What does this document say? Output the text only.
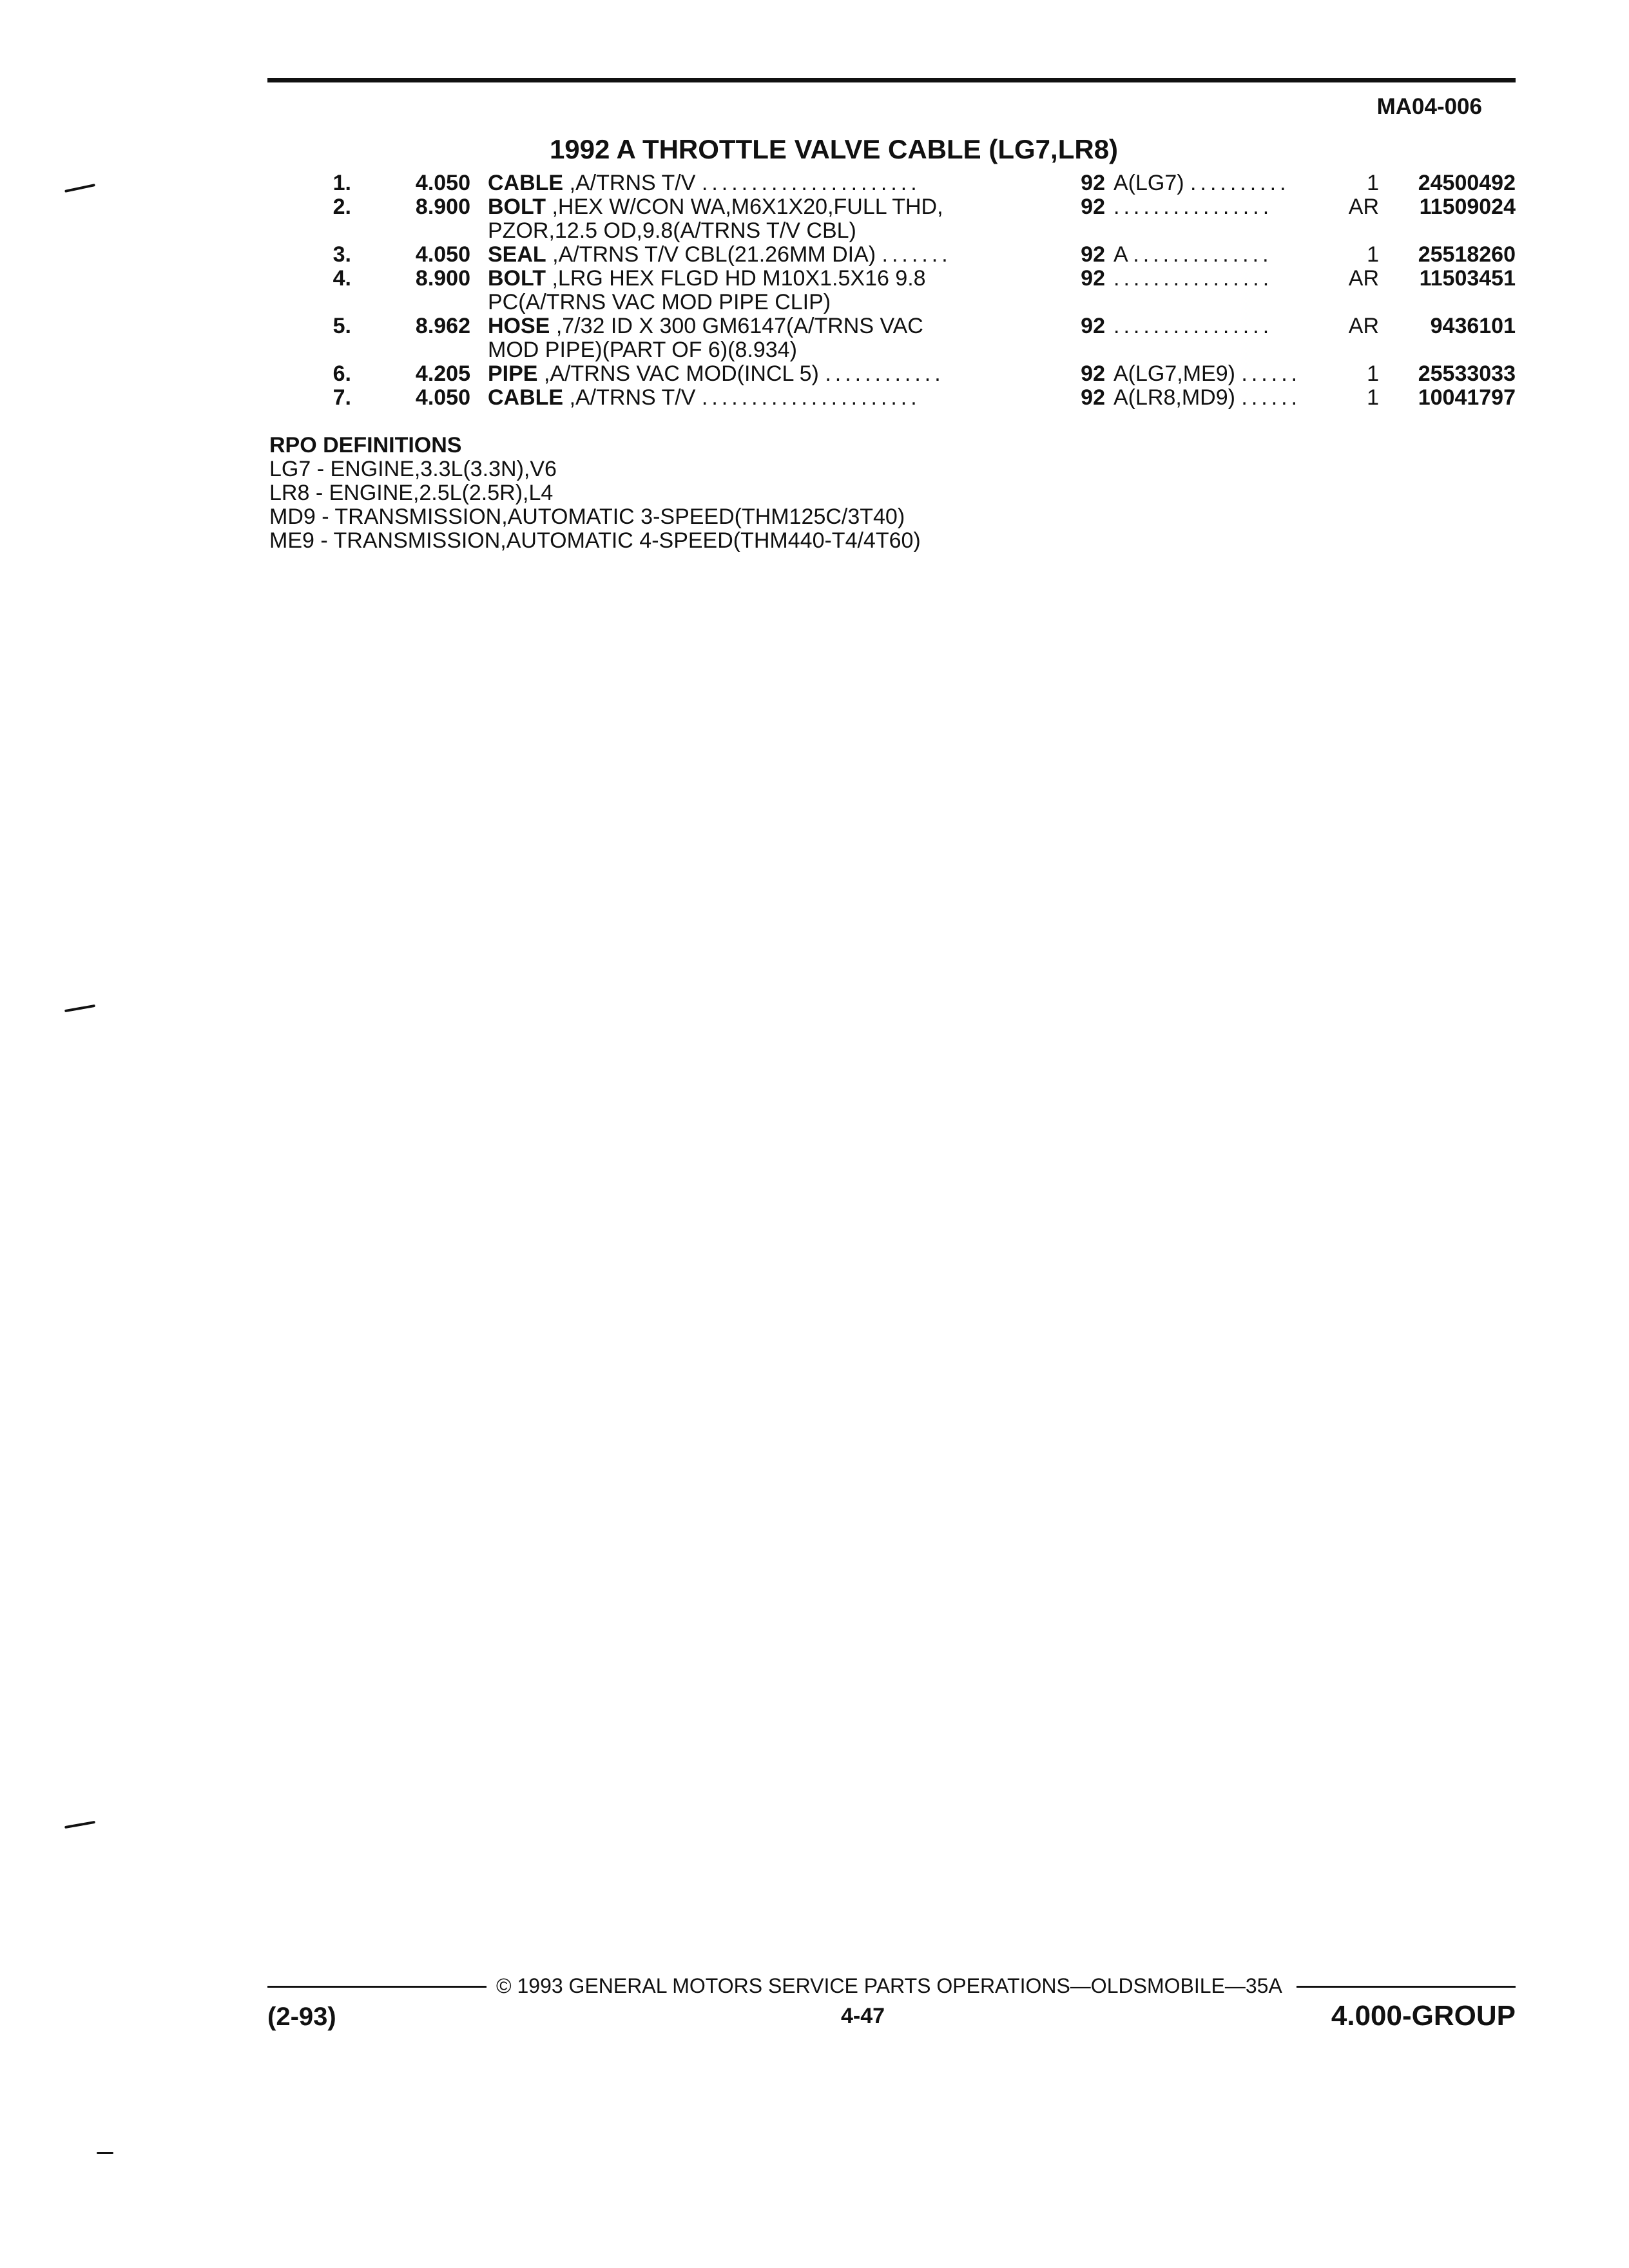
MA04-006
1992 A THROTTLE VALVE CABLE (LG7,LR8)
1.	4.050 CABLE ,A/TRNS T/V ......................	92 A(LG7) ..........	1	24500492
2.	8.900 BOLT ,HEX W/CON WA,M6X1X20,FULL THD,
PZOR,12.5 OD,9.8(A/TRNS T/V CBL)
92 ................	AR	11509024
3.	4.050 SEAL ,A/TRNS T/V CBL(21.26MM DIA) .......	92 A ..............	1	25518260
4.	8.900 BOLT ,LRG HEX FLGD HD M10X1.5X16 9.8
PC(A/TRNS VAC MOD PIPE CLIP)
92 ................	AR	11503451
5.	8.962 HOSE ,7/32 ID X 300 GM6147(A/TRNS VAC
MOD PIPE)(PART OF 6)(8.934)
92 ................	AR	9436101
6.	4.205 PIPE ,A/TRNS VAC MOD(INCL 5) ............	92 A(LG7,ME9) ......	1	25533033
7.	4.050 CABLE ,A/TRNS T/V ......................	92 A(LR8,MD9) ......	1	10041797
RPO DEFINITIONS
LG7 - ENGINE,3.3L(3.3N),V6
LR8 - ENGINE,2.5L(2.5R),L4
MD9 - TRANSMISSION,AUTOMATIC 3-SPEED(THM125C/3T40)
ME9 - TRANSMISSION,AUTOMATIC 4-SPEED(THM440-T4/4T60)
© 1993 GENERAL MOTORS SERVICE PARTS OPERATIONS—OLDSMOBILE—35A
(2-93)	4-47	4.000-GROUP
